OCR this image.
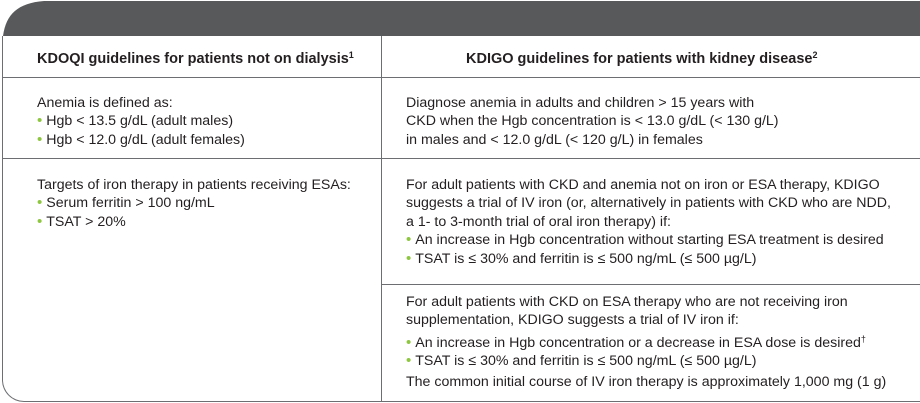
KDOQI guidelines for patients not on dialysis$^1$	KDIGO guidelines for patients with kidney disease$^2$

Anemia is defined as:

• Hgb < 13.5 g/dL (adult males)

• Hgb < 12.0 g/dL (adult females)

Diagnose anemia in adults and children > 15 years with

CKD when the Hgb concentration is < 13.0 g/dL (< 130 g/L)

in males and < 12.0 g/dL (< 120 g/L) in females

Targets of iron therapy in patients receiving ESAs:

• Serum ferritin > 100 ng/mL

• TSAT > 20%

For adult patients with CKD and anemia not on iron or ESA therapy, KDIGO

suggests a trial of IV iron (or, alternatively in patients with CKD who are NDD,

a 1- to 3-month trial of oral iron therapy) if:

• An increase in Hgb concentration without starting ESA treatment is desired

• TSAT is ≤ 30% and ferritin is ≤ 500 ng/mL (≤ 500 µg/L)

For adult patients with CKD on ESA therapy who are not receiving iron

supplementation, KDIGO suggests a trial of IV iron if:

• An increase in Hgb concentration or a decrease in ESA dose is desired†

• TSAT is ≤ 30% and ferritin is ≤ 500 ng/mL (≤ 500 µg/L)

The common initial course of IV iron therapy is approximately 1,000 mg (1 g)
